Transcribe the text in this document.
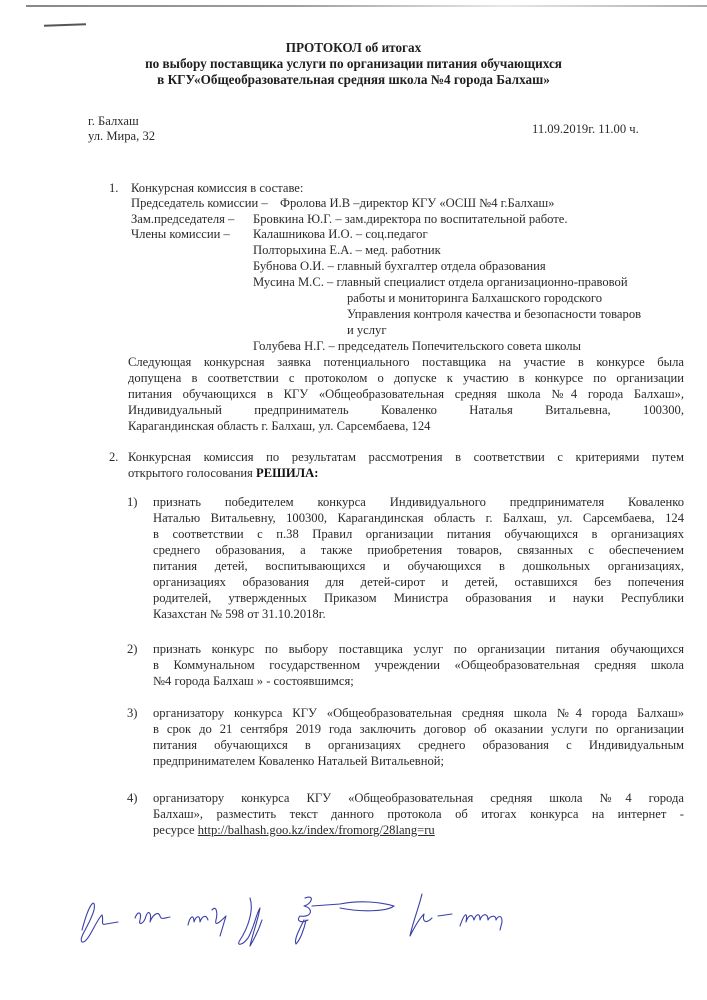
ПРОТОКОЛ об итогах
по выбору поставщика услуги по организации питания обучающихся
в КГУ«Общеобразовательная средняя школа №4 города Балхаш»
г. Балхаш
ул. Мира, 32	11.09.2019г. 11.00 ч.
1. Конкурсная комиссия в составе:
Председатель комиссии – Фролова И.В –директор КГУ «ОСШ №4 г.Балхаш»
Зам.председателя – Бровкина Ю.Г. – зам.директора по воспитательной работе.
Члены комиссии – Калашникова И.О. – соц.педагог
Полторыхина Е.А. – мед. работник
Бубнова О.И. – главный бухгалтер отдела образования
Мусина М.С. – главный специалист отдела организационно-правовой
работы и мониторинга Балхашского городского
Управления контроля качества и безопасности товаров
и услуг
Голубева Н.Г. – председатель Попечительского совета школы
Следующая конкурсная заявка потенциального поставщика на участие в конкурсе была
допущена в соответствии с протоколом о допуске к участию в конкурсе по организации
питания обучающихся в КГУ «Общеобразовательная средняя школа №4 города Балхаш»,
Индивидуальный предприниматель Коваленко Наталья Витальевна, 100300,
Карагандинская область г. Балхаш, ул. Сарсембаева, 124
2. Конкурсная комиссия по результатам рассмотрения в соответствии с критериями путем
открытого голосования РЕШИЛА:
1) признать победителем конкурса Индивидуального предпринимателя Коваленко
Наталью Витальевну, 100300, Карагандинская область г. Балхаш, ул. Сарсембаева, 124
в соответствии с п.38 Правил организации питания обучающихся в организациях
среднего образования, а также приобретения товаров, связанных с обеспечением
питания детей, воспитывающихся и обучающихся в дошкольных организациях,
организациях образования для детей-сирот и детей, оставшихся без попечения
родителей, утвержденных Приказом Министра образования и науки Республики
Казахстан № 598 от 31.10.2018г.
2) признать конкурс по выбору поставщика услуг по организации питания обучающихся
в Коммунальном государственном учреждении «Общеобразовательная средняя школа
№4 города Балхаш » - состоявшимся;
3) организатору конкурса КГУ «Общеобразовательная средняя школа №4 города Балхаш»
в срок до 21 сентября 2019 года заключить договор об оказании услуги по организации
питания обучающихся в организациях среднего образования с Индивидуальным
предпринимателем Коваленко Натальей Витальевной;
4) организатору конкурса КГУ «Общеобразовательная средняя школа №4 города
Балхаш», разместить текст данного протокола об итогах конкурса на интернет -
ресурсе http://balhash.goo.kz/index/fromorg/28lang=ru
